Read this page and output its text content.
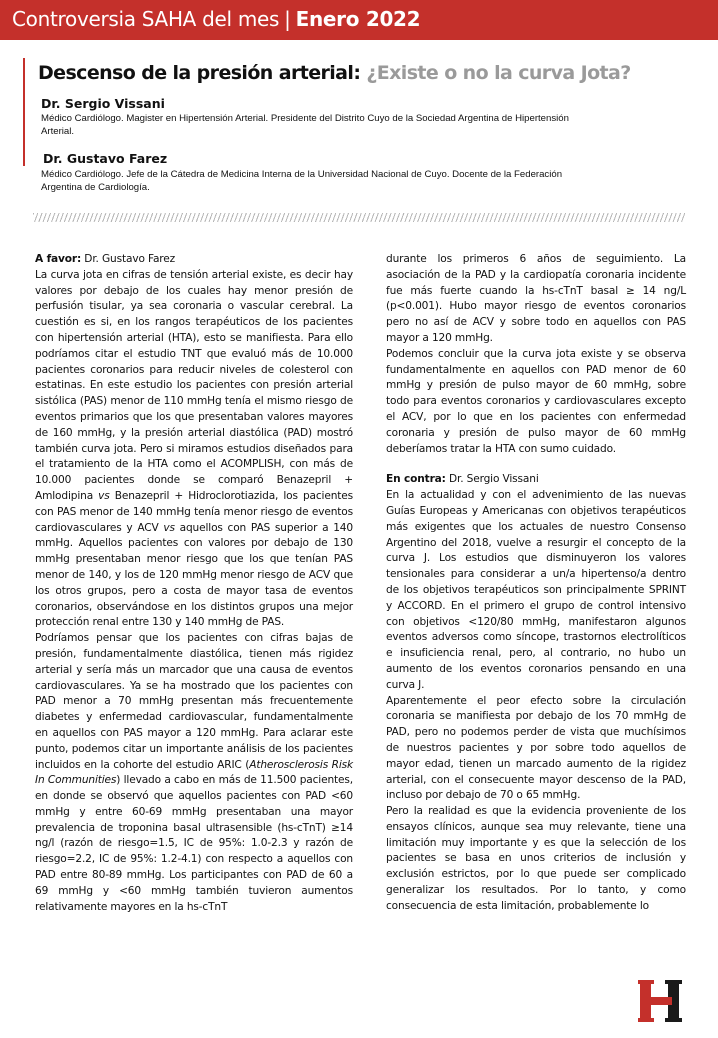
Controversia SAHA del mes | Enero 2022
Descenso de la presión arterial: ¿Existe o no la curva Jota?
Dr. Sergio Vissani
Médico Cardiólogo. Magister en Hipertensión Arterial. Presidente del Distrito Cuyo de la Sociedad Argentina de Hipertensión
Arterial.
Dr. Gustavo Farez
Médico Cardiólogo. Jefe de la Cátedra de Medicina Interna de la Universidad Nacional de Cuyo. Docente de la Federación
Argentina de Cardiología.

A favor: Dr. Gustavo Farez

La curva jota en cifras de tensión arterial existe, es decir hay valores por debajo de los cuales hay menor presión de perfusión tisular, ya sea coronaria o vascular cerebral. La cuestión es si, en los rangos terapéuticos de los pacientes con hipertensión arterial (HTA), esto se manifiesta. Para ello podríamos citar el estudio TNT que evaluó más de 10.000 pacientes coronarios para reducir niveles de colesterol con estatinas. En este estudio los pacientes con presión arterial sistólica (PAS) menor de 110 mmHg tenía el mismo riesgo de eventos primarios que los que presentaban valores mayores de 160 mmHg, y la presión arterial diastólica (PAD) mostró también curva jota. Pero si miramos estudios diseñados para el tratamiento de la HTA como el ACOMPLISH, con más de 10.000 pacientes donde se comparó Benazepril + Amlodipina vs Benazepril + Hidroclorotiazida, los pacientes con PAS menor de 140 mmHg tenía menor riesgo de eventos cardiovasculares y ACV vs aquellos con PAS superior a 140 mmHg. Aquellos pacientes con valores por debajo de 130 mmHg presentaban menor riesgo que los que tenían PAS menor de 140, y los de 120 mmHg menor riesgo de ACV que los otros grupos, pero a costa de mayor tasa de eventos coronarios, observándose en los distintos grupos una mejor protección renal entre 130 y 140 mmHg de PAS.

Podríamos pensar que los pacientes con cifras bajas de presión, fundamentalmente diastólica, tienen más rigidez arterial y sería más un marcador que una causa de eventos cardiovasculares. Ya se ha mostrado que los pacientes con PAD menor a 70 mmHg presentan más frecuentemente diabetes y enfermedad cardiovascular, fundamentalmente en aquellos con PAS mayor a 120 mmHg. Para aclarar este punto, podemos citar un importante análisis de los pacientes incluidos en la cohorte del estudio ARIC (Atherosclerosis Risk In Communities) llevado a cabo en más de 11.500 pacientes, en donde se observó que aquellos pacientes con PAD <60 mmHg y entre 60-69 mmHg presentaban una mayor prevalencia de troponina basal ultrasensible (hs-cTnT) ≥14 ng/l (razón de riesgo=1.5, IC de 95%: 1.0-2.3 y razón de riesgo=2.2, IC de 95%: 1.2-4.1) con respecto a aquellos con PAD entre 80-89 mmHg. Los participantes con PAD de 60 a 69 mmHg y <60 mmHg también tuvieron aumentos relativamente mayores en la hs-cTnT

durante los primeros 6 años de seguimiento. La asociación de la PAD y la cardiopatía coronaria incidente fue más fuerte cuando la hs-cTnT basal ≥ 14 ng/L (p<0.001). Hubo mayor riesgo de eventos coronarios pero no así de ACV y sobre todo en aquellos con PAS mayor a 120 mmHg.

Podemos concluir que la curva jota existe y se observa fundamentalmente en aquellos con PAD menor de 60 mmHg y presión de pulso mayor de 60 mmHg, sobre todo para eventos coronarios y cardiovasculares excepto el ACV, por lo que en los pacientes con enfermedad coronaria y presión de pulso mayor de 60 mmHg deberíamos tratar la HTA con sumo cuidado.

En contra: Dr. Sergio Vissani

En la actualidad y con el advenimiento de las nuevas Guías Europeas y Americanas con objetivos terapéuticos más exigentes que los actuales de nuestro Consenso Argentino del 2018, vuelve a resurgir el concepto de la curva J. Los estudios que disminuyeron los valores tensionales para considerar a un/a hipertenso/a dentro de los objetivos terapéuticos son principalmente SPRINT y ACCORD. En el primero el grupo de control intensivo con objetivos <120/80 mmHg, manifestaron algunos eventos adversos como síncope, trastornos electrolíticos e insuficiencia renal, pero, al contrario, no hubo un aumento de los eventos coronarios pensando en una curva J.

Aparentemente el peor efecto sobre la circulación coronaria se manifiesta por debajo de los 70 mmHg de PAD, pero no podemos perder de vista que muchísimos de nuestros pacientes y por sobre todo aquellos de mayor edad, tienen un marcado aumento de la rigidez arterial, con el consecuente mayor descenso de la PAD, incluso por debajo de 70 o 65 mmHg.

Pero la realidad es que la evidencia proveniente de los ensayos clínicos, aunque sea muy relevante, tiene una limitación muy importante y es que la selección de los pacientes se basa en unos criterios de inclusión y exclusión estrictos, por lo que puede ser complicado generalizar los resultados. Por lo tanto, y como consecuencia de esta limitación, probablemente lo
